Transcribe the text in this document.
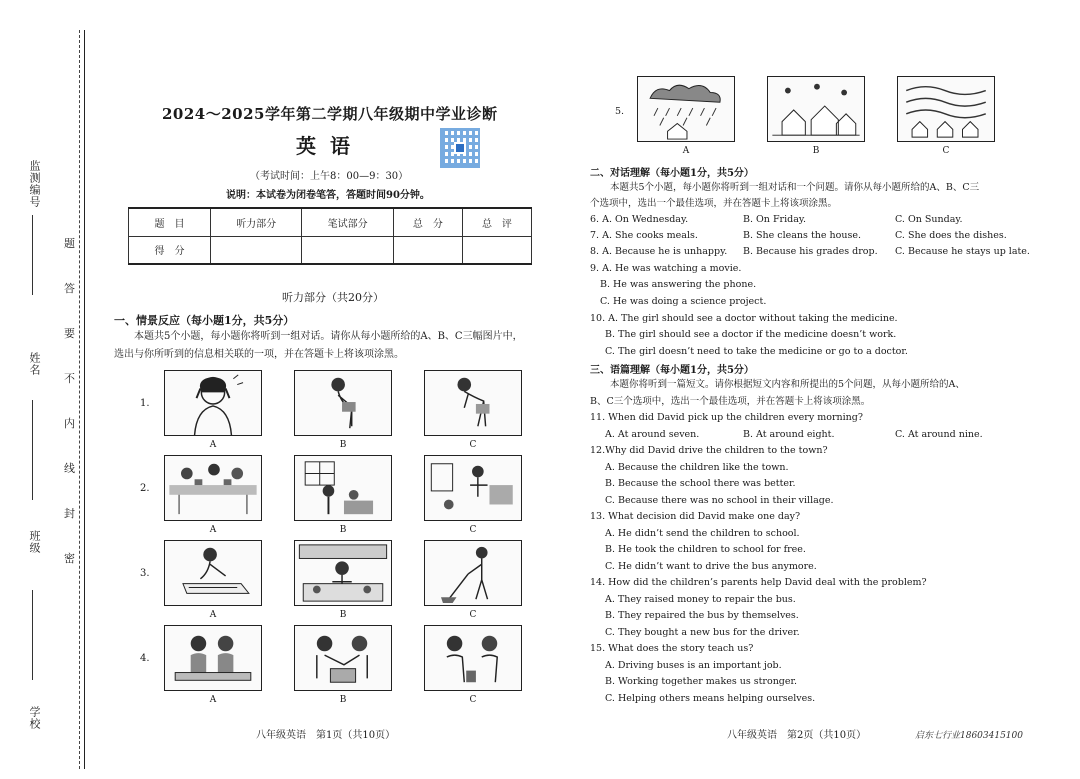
监测编号
姓名
班级
学校
题
答
要
不
内
线
封
密
2024～2025学年第二学期八年级期中学业诊断
英语
（考试时间：上午8：00—9：30）
说明：本试卷为闭卷笔答，答题时间90分钟。
题　目	听力部分	笔试部分	总　分	总　评
得　分				
听力部分（共20分）
一、情景反应（每小题1分，共5分）
本题共5个小题，每小题你将听到一组对话。请你从每小题所给的A、B、C三幅图片中，
选出与你所听到的信息相关联的一项，并在答题卡上将该项涂黑。
1.
A	B	C
2.
A	B	C
3.
A	B	C
4.
A	B	C
八年级英语　第1页（共10页）
5.
A	B	C
二、对话理解（每小题1分，共5分）
本题共5个小题，每小题你将听到一组对话和一个问题。请你从每小题所给的A、B、C三
个选项中，选出一个最佳选项，并在答题卡上将该项涂黑。
6. A. On Wednesday.	B. On Friday.	C. On Sunday.
7. A. She cooks meals.	B. She cleans the house.	C. She does the dishes.
8. A. Because he is unhappy. B. Because his grades drop. C. Because he stays up late.
9. A. He was watching a movie.
B. He was answering the phone.
C. He was doing a science project.
10. A. The girl should see a doctor without taking the medicine.
B. The girl should see a doctor if the medicine doesn’t work.
C. The girl doesn’t need to take the medicine or go to a doctor.
三、语篇理解（每小题1分，共5分）
本题你将听到一篇短文。请你根据短文内容和所提出的5个问题，从每小题所给的A、
B、C三个选项中，选出一个最佳选项，并在答题卡上将该项涂黑。
11. When did David pick up the children every morning?
A. At around seven.	B. At around eight.	C. At around nine.
12.Why did David drive the children to the town?
A. Because the children like the town.
B. Because the school there was better.
C. Because there was no school in their village.
13. What decision did David make one day?
A. He didn’t send the children to school.
B. He took the children to school for free.
C. He didn’t want to drive the bus anymore.
14. How did the children’s parents help David deal with the problem?
A. They raised money to repair the bus.
B. They repaired the bus by themselves.
C. They bought a new bus for the driver.
15. What does the story teach us?
A. Driving buses is an important job.
B. Working together makes us stronger.
C. Helping others means helping ourselves.
八年级英语　第2页（共10页）	启东七行业18603415100
